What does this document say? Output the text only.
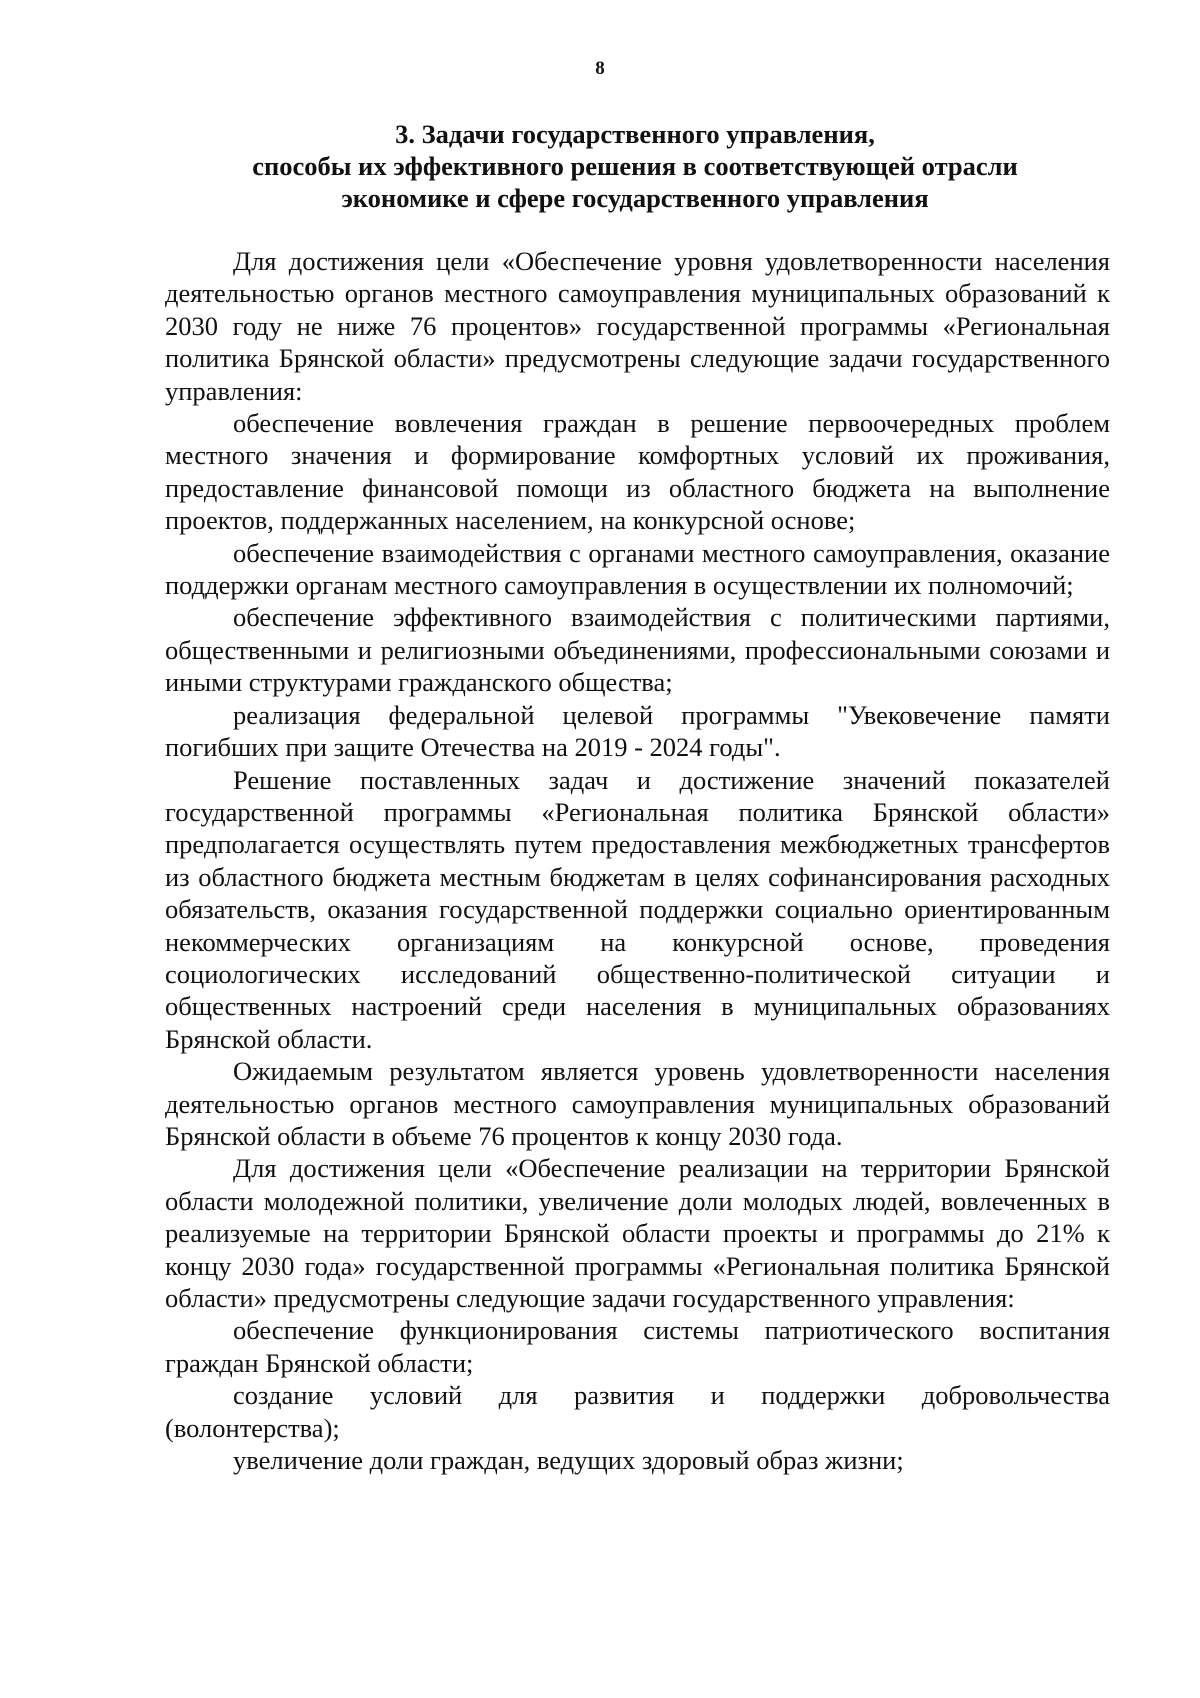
8
3. Задачи государственного управления,
способы их эффективного решения в соответствующей отрасли
экономике и сфере государственного управления

Для достижения цели «Обеспечение уровня удовлетворенности населения деятельностью органов местного самоуправления муниципальных образований к 2030 году не ниже 76 процентов» государственной программы «Региональная политика Брянской области» предусмотрены следующие задачи государственного управления:

обеспечение вовлечения граждан в решение первоочередных проблем местного значения и формирование комфортных условий их проживания, предоставление финансовой помощи из областного бюджета на выполнение проектов, поддержанных населением, на конкурсной основе;

обеспечение взаимодействия с органами местного самоуправления, оказание поддержки органам местного самоуправления в осуществлении их полномочий;

обеспечение эффективного взаимодействия с политическими партиями, общественными и религиозными объединениями, профессиональными союзами и иными структурами гражданского общества;

реализация федеральной целевой программы "Увековечение памяти погибших при защите Отечества на 2019 - 2024 годы".

Решение поставленных задач и достижение значений показателей государственной программы «Региональная политика Брянской области» предполагается осуществлять путем предоставления межбюджетных трансфертов из областного бюджета местным бюджетам в целях софинансирования расходных обязательств, оказания государственной поддержки социально ориентированным некоммерческих организациям на конкурсной основе, проведения социологических исследований общественно-политической ситуации и общественных настроений среди населения в муниципальных образованиях Брянской области.

Ожидаемым результатом является уровень удовлетворенности населения деятельностью органов местного самоуправления муниципальных образований Брянской области в объеме 76 процентов к концу 2030 года.

Для достижения цели «Обеспечение реализации на территории Брянской области молодежной политики, увеличение доли молодых людей, вовлеченных в реализуемые на территории Брянской области проекты и программы до 21% к концу 2030 года» государственной программы «Региональная политика Брянской области» предусмотрены следующие задачи государственного управления:

обеспечение функционирования системы патриотического воспитания граждан Брянской области;

создание условий для развития и поддержки добровольчества (волонтерства);

увеличение доли граждан, ведущих здоровый образ жизни;
